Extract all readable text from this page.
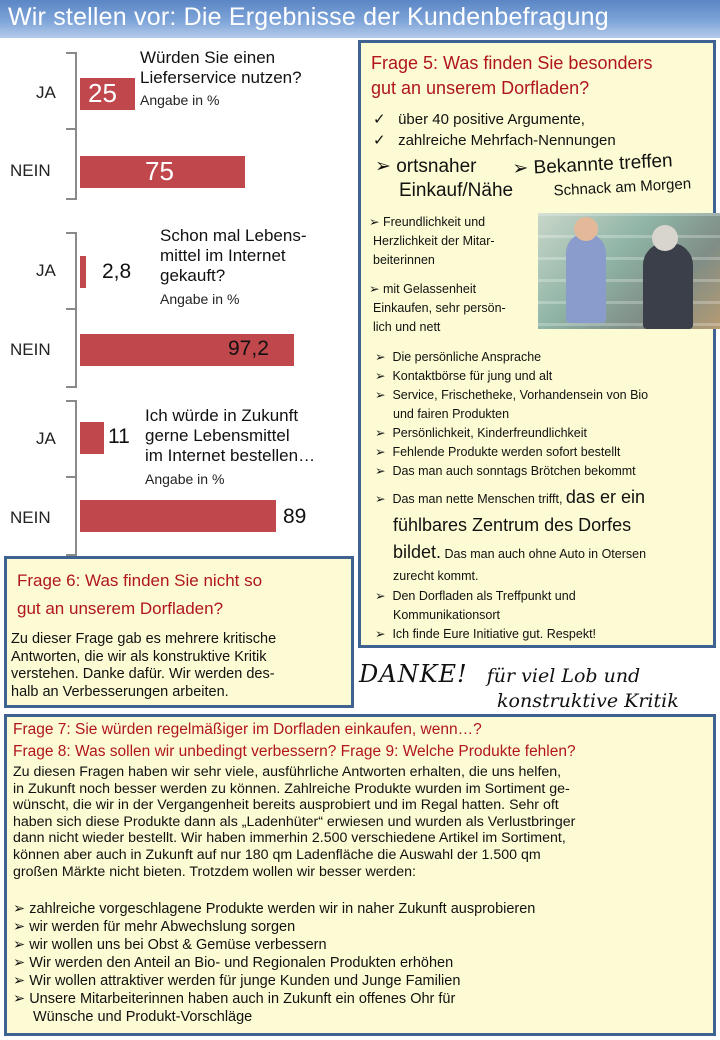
Wir stellen vor: Die Ergebnisse der Kundenbefragung
JA
NEIN
25
75
Würden Sie einen
Lieferservice nutzen?
Angabe in %
JA
NEIN
2,8
97,2
Schon mal Lebens-
mittel im Internet
gekauft?
Angabe in %
JA
NEIN
11
89
Ich würde in Zukunft
gerne Lebensmittel
im Internet bestellen…
Angabe in %
Frage 5: Was finden Sie besonders
gut an unserem Dorfladen?
✓ über 40 positive Argumente,
✓ zahlreiche Mehrfach-Nennungen
➢ ortsnaher
Einkauf/Nähe
➢ Bekannte treffen
Schnack am Morgen
➢ Freundlichkeit und
Herzlichkeit der Mitar-
beiterinnen
➢ mit Gelassenheit
Einkaufen, sehr persön-
lich und nett
➢ Die persönliche Ansprache
➢ Kontaktbörse für jung und alt
➢ Service, Frischetheke, Vorhandensein von Bio
und fairen Produkten
➢ Persönlichkeit, Kinderfreundlichkeit
➢ Fehlende Produkte werden sofort bestellt
➢ Das man auch sonntags Brötchen bekommt
➢ Das man nette Menschen trifft, das er ein
fühlbares Zentrum des Dorfes
bildet. Das man auch ohne Auto in Otersen
zurecht kommt.
➢ Den Dorfladen als Treffpunkt und
Kommunikationsort
➢ Ich finde Eure Initiative gut. Respekt!
Frage 6: Was finden Sie nicht so
gut an unserem Dorfladen?
Zu dieser Frage gab es mehrere kritische
Antworten, die wir als konstruktive Kritik
verstehen. Danke dafür. Wir werden des-
halb an Verbesserungen arbeiten.
DANKE! für viel Lob und
konstruktive Kritik
Frage 7: Sie würden regelmäßiger im Dorfladen einkaufen, wenn…?
Frage 8: Was sollen wir unbedingt verbessern? Frage 9: Welche Produkte fehlen?
Zu diesen Fragen haben wir sehr viele, ausführliche Antworten erhalten, die uns helfen,
in Zukunft noch besser werden zu können. Zahlreiche Produkte wurden im Sortiment ge-
wünscht, die wir in der Vergangenheit bereits ausprobiert und im Regal hatten. Sehr oft
haben sich diese Produkte dann als „Ladenhüter“ erwiesen und wurden als Verlustbringer
dann nicht wieder bestellt. Wir haben immerhin 2.500 verschiedene Artikel im Sortiment,
können aber auch in Zukunft auf nur 180 qm Ladenfläche die Auswahl der 1.500 qm
großen Märkte nicht bieten. Trotzdem wollen wir besser werden:
➢ zahlreiche vorgeschlagene Produkte werden wir in naher Zukunft ausprobieren
➢ wir werden für mehr Abwechslung sorgen
➢ wir wollen uns bei Obst & Gemüse verbessern
➢ Wir werden den Anteil an Bio- und Regionalen Produkten erhöhen
➢ Wir wollen attraktiver werden für junge Kunden und Junge Familien
➢ Unsere Mitarbeiterinnen haben auch in Zukunft ein offenes Ohr für
Wünsche und Produkt-Vorschläge
